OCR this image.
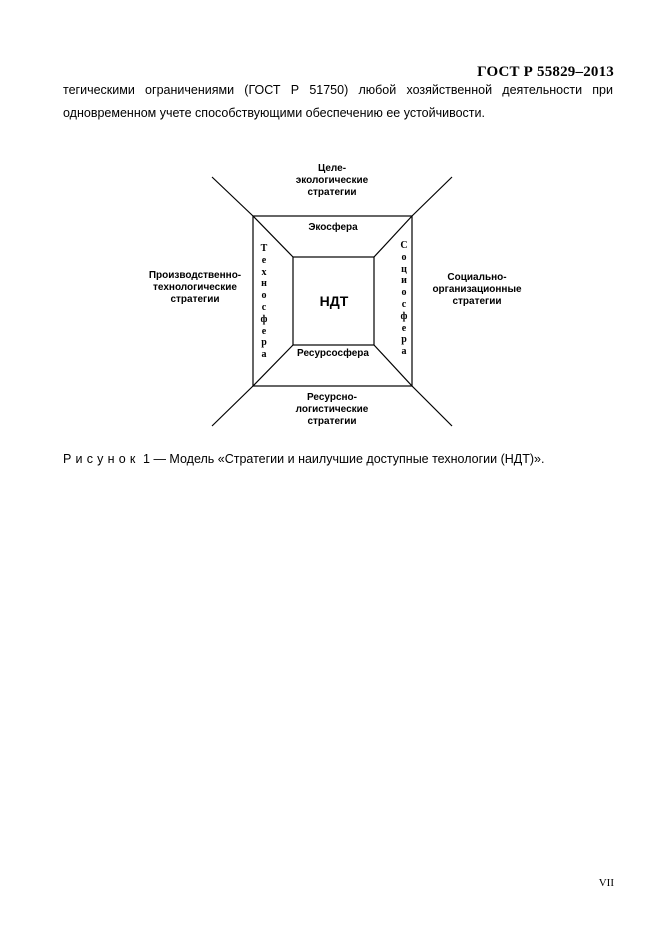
ГОСТ Р 55829–2013
тегическими ограничениями (ГОСТ Р 51750) любой хозяйственной деятельности при
одновременном учете способствующими обеспечению ее устойчивости.
НДТ
Экосфера
Ресурсосфера
Т
е
х
н
о
с
ф
е
р
а
С
о
ц
и
о
с
ф
е
р
а
Целе-
экологические
стратегии
Производственно-
технологические
стратегии
Социально-
организационные
стратегии
Ресурсно-
логистические
стратегии
Рисунок 1 — Модель «Стратегии и наилучшие доступные технологии (НДТ)».
VII
